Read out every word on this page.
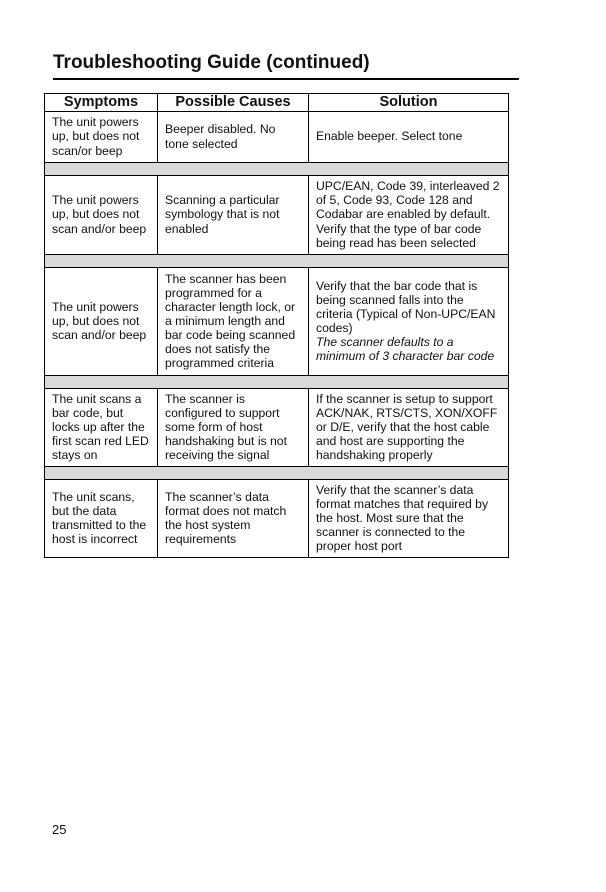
Troubleshooting Guide (continued)
Symptoms	Possible Causes	Solution
The unit powers up, but does not scan/or beep	Beeper disabled. No tone selected	Enable beeper. Select tone

The unit powers up, but does not scan and/or beep	Scanning a particular symbology that is not enabled	UPC/EAN, Code 39, interleaved 2 of 5, Code 93, Code 128 and Codabar are enabled by default. Verify that the type of bar code being read has been selected

The unit powers up, but does not scan and/or beep	The scanner has been programmed for a character length lock, or a minimum length and bar code being scanned does not satisfy the programmed criteria	Verify that the bar code that is being scanned falls into the criteria (Typical of Non-UPC/EAN codes)
The scanner defaults to a minimum of 3 character bar code

The unit scans a bar code, but locks up after the first scan red LED stays on	The scanner is configured to support some form of host handshaking but is not receiving the signal	If the scanner is setup to support ACK/NAK, RTS/CTS, XON/XOFF or D/E, verify that the host cable and host are supporting the handshaking properly

The unit scans, but the data transmitted to the host is incorrect	The scanner’s data format does not match the host system requirements	Verify that the scanner’s data format matches that required by the host. Most sure that the scanner is connected to the proper host port
25
